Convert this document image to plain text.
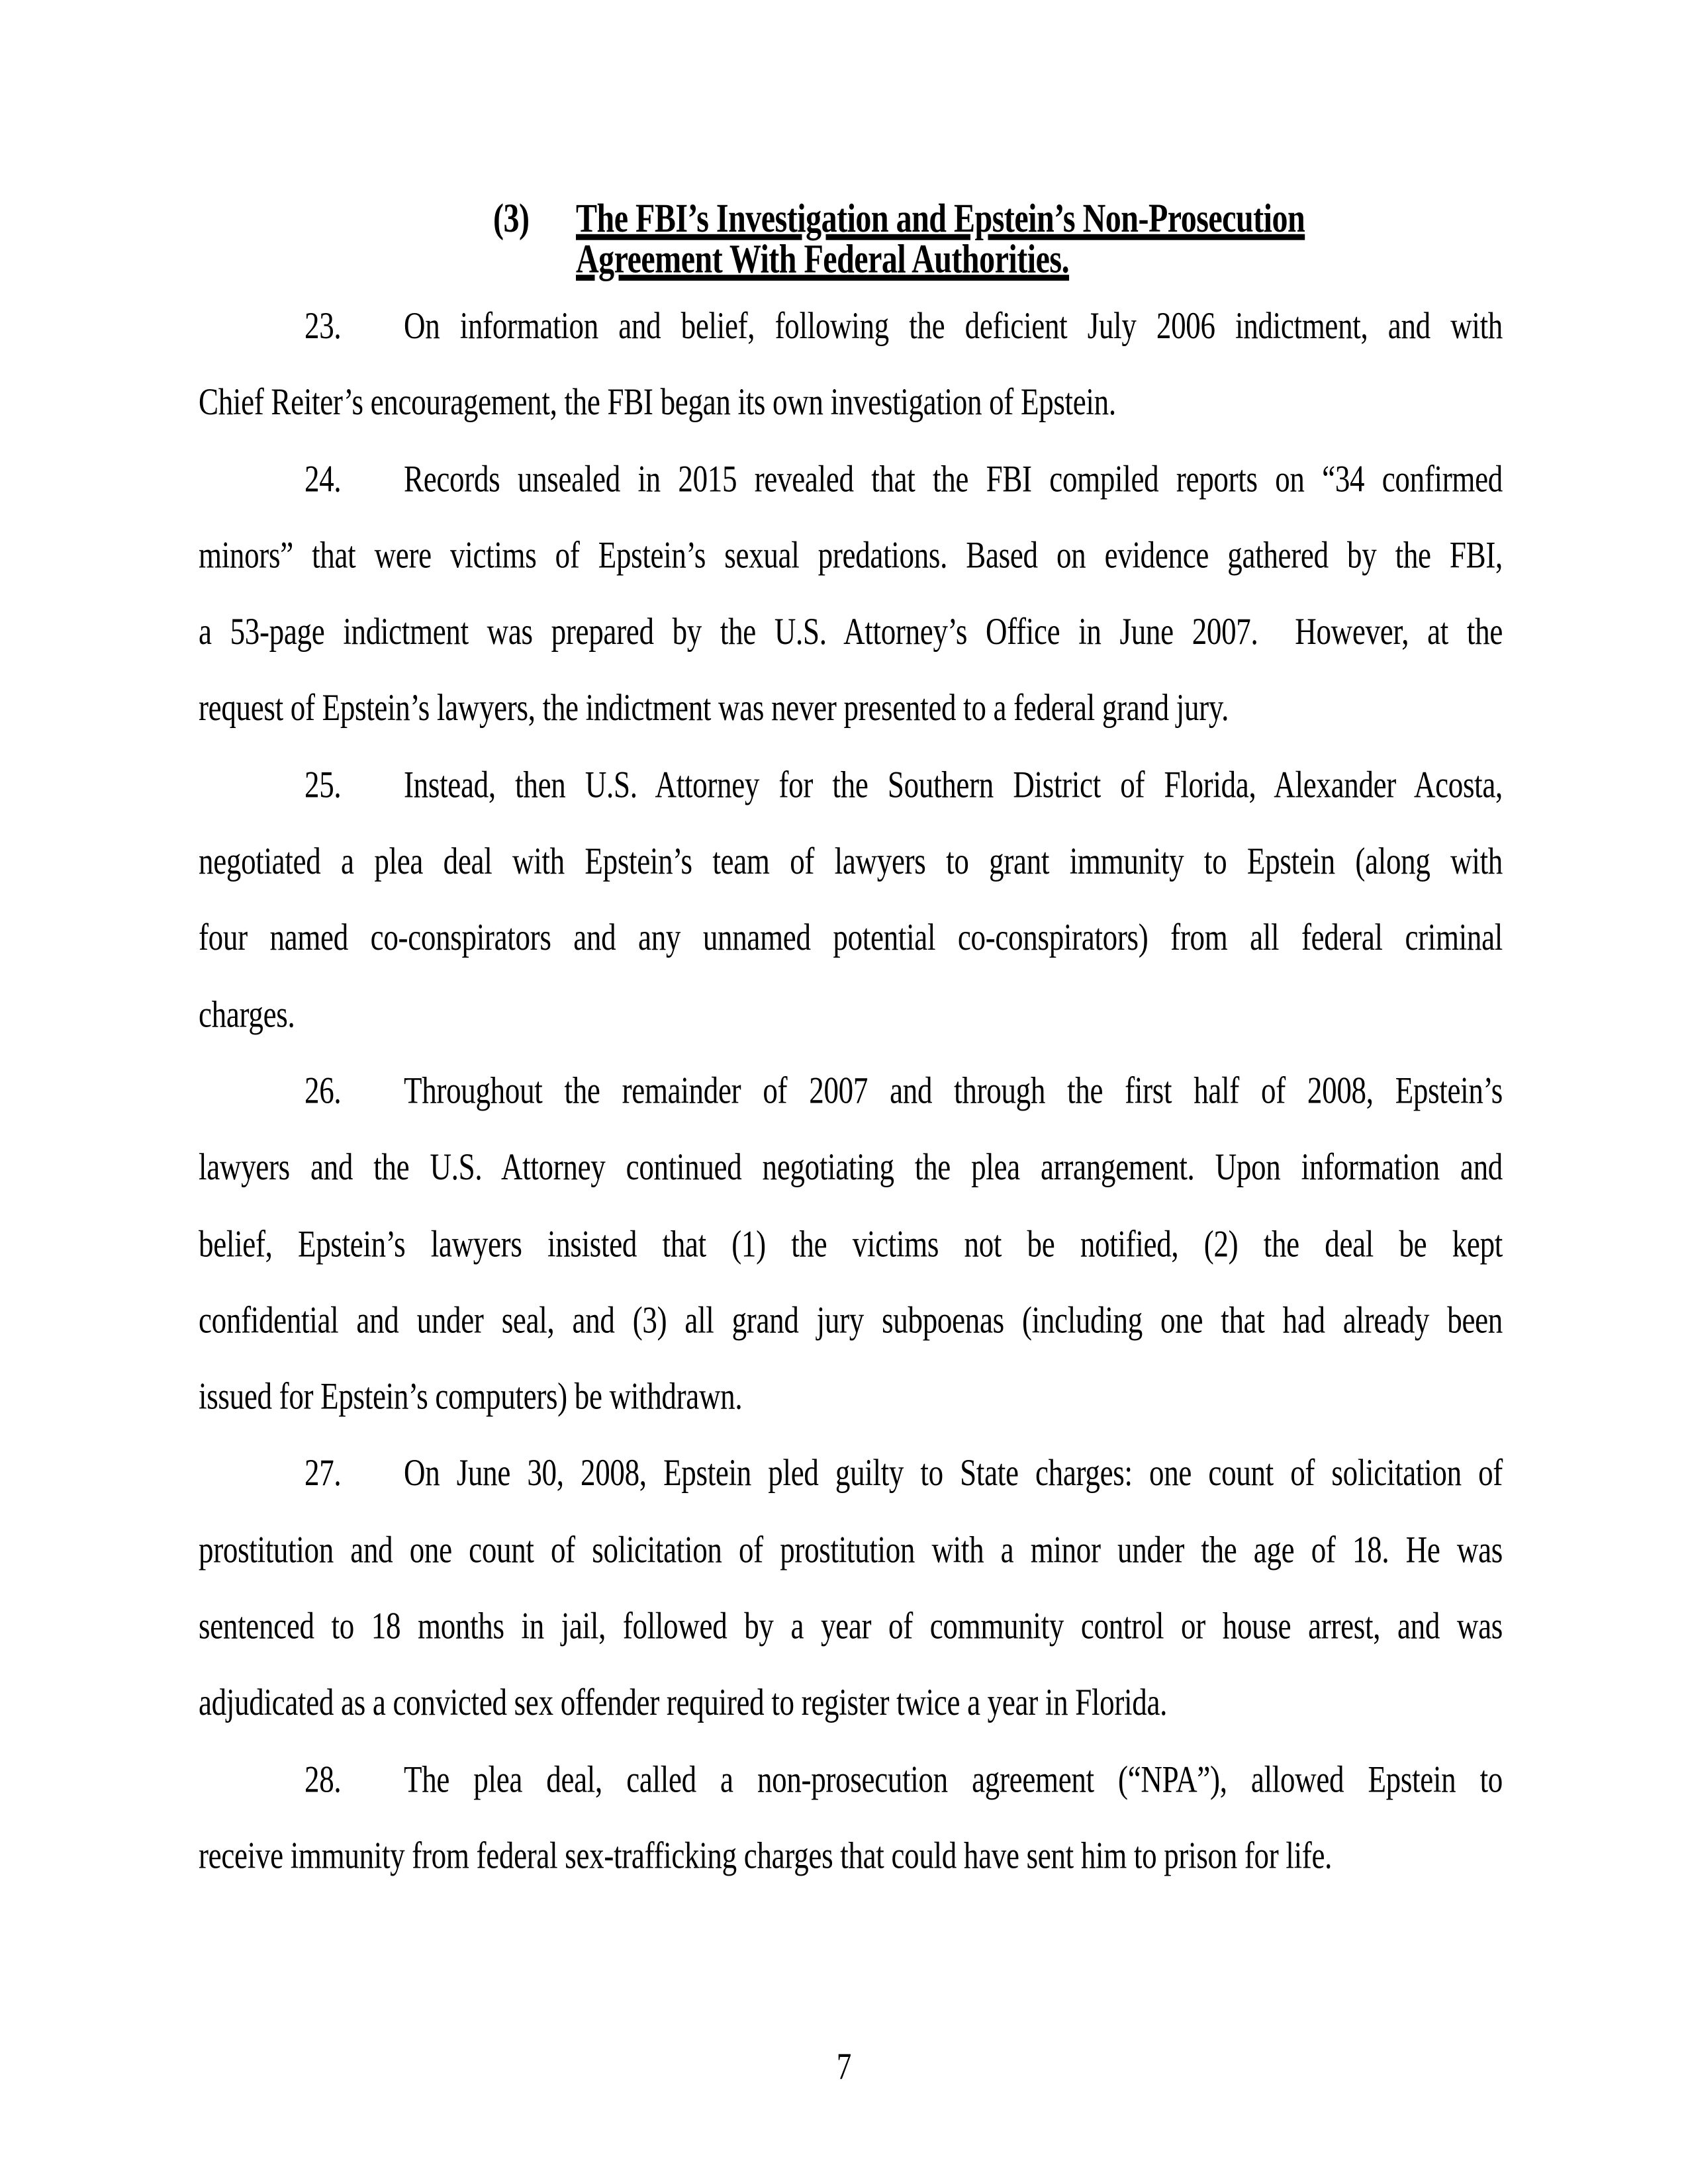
(3)	The FBI’s Investigation and Epstein’s Non-Prosecution
Agreement With Federal Authorities.
23. On information and belief, following the deficient July 2006 indictment, and with
Chief Reiter’s encouragement, the FBI began its own investigation of Epstein.
24. Records unsealed in 2015 revealed that the FBI compiled reports on “34 confirmed
minors” that were victims of Epstein’s sexual predations. Based on evidence gathered by the FBI,
a 53-page indictment was prepared by the U.S. Attorney’s Office in June 2007.  However, at the
request of Epstein’s lawyers, the indictment was never presented to a federal grand jury.
25. Instead, then U.S. Attorney for the Southern District of Florida, Alexander Acosta,
negotiated a plea deal with Epstein’s team of lawyers to grant immunity to Epstein (along with
four named co-conspirators and any unnamed potential co-conspirators) from all federal criminal
charges.
26. Throughout the remainder of 2007 and through the first half of 2008, Epstein’s
lawyers and the U.S. Attorney continued negotiating the plea arrangement. Upon information and
belief, Epstein’s lawyers insisted that (1) the victims not be notified, (2) the deal be kept
confidential and under seal, and (3) all grand jury subpoenas (including one that had already been
issued for Epstein’s computers) be withdrawn.
27. On June 30, 2008, Epstein pled guilty to State charges: one count of solicitation of
prostitution and one count of solicitation of prostitution with a minor under the age of 18. He was
sentenced to 18 months in jail, followed by a year of community control or house arrest, and was
adjudicated as a convicted sex offender required to register twice a year in Florida.
28. The plea deal, called a non-prosecution agreement (“NPA”), allowed Epstein to
receive immunity from federal sex-trafficking charges that could have sent him to prison for life.
7
